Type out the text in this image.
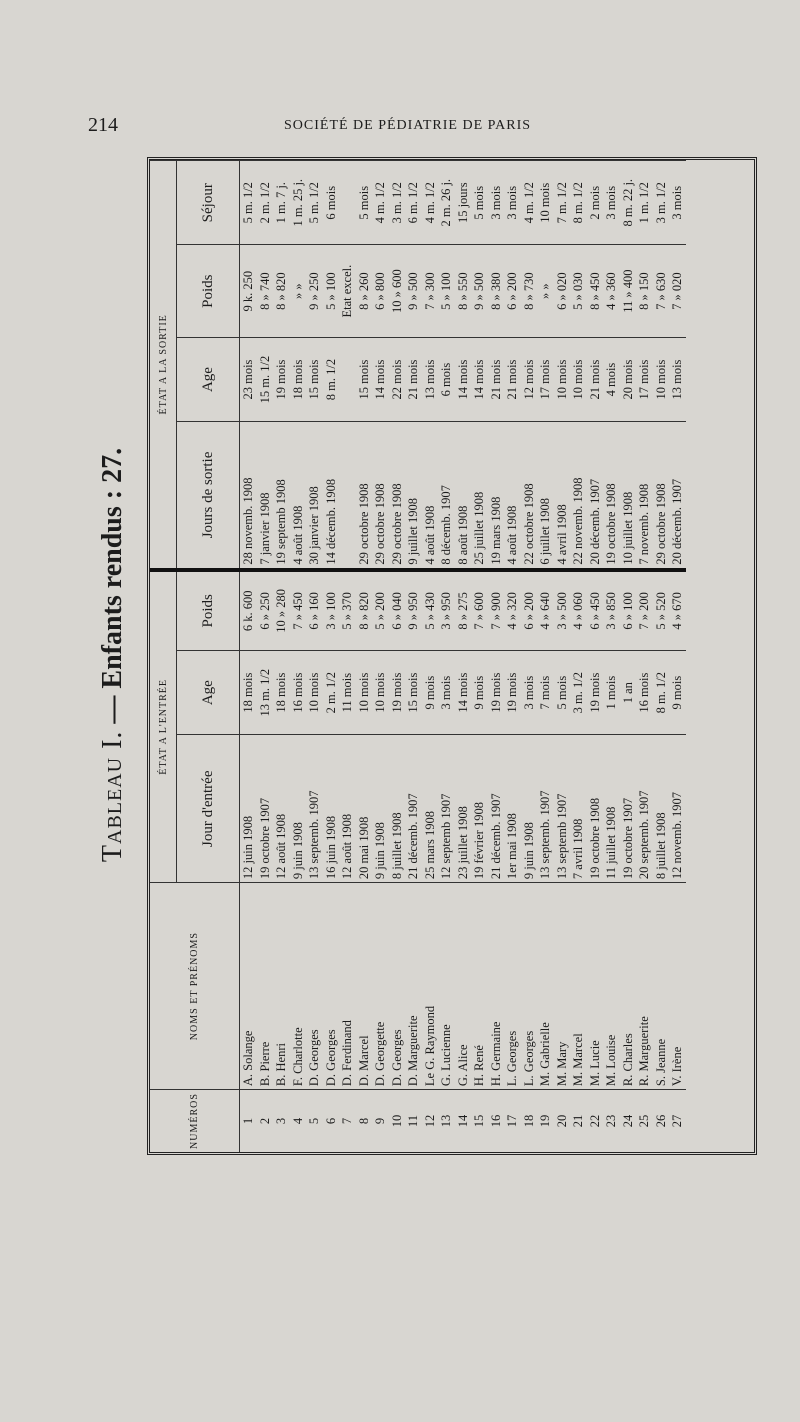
214	SOCIÉTÉ DE PÉDIATRIE DE PARIS
Tableau I. — Enfants rendus : 27.
NUMÉROS	NOMS ET PRÉNOMS	ÉTAT A L'ENTRÉE			ÉTAT A LA SORTIE			
		Jour d'entrée	Age	Poids	Jours de sortie	Age	Poids	Séjour
1	A. Solange	12 juin 1908	18 mois	6 k. 600	28 novemb. 1908	23 mois	9 k. 250	5 m. 1/2
2	B. Pierre	19 octobre 1907	13 m. 1/2	6 » 250	7 janvier 1908	15 m. 1/2	8 » 740	2 m. 1/2
3	B. Henri	12 août 1908	18 mois	10 » 280	19 septemb 1908	19 mois	8 » 820	1 m. 7 j.
4	F. Charlotte	9 juin 1908	16 mois	7 » 450	4 août 1908	18 mois	» »	1 m. 25 j.
5	D. Georges	13 septemb. 1907	10 mois	6 » 160	30 janvier 1908	15 mois	9 » 250	5 m. 1/2
6	D. Georges	16 juin 1908	2 m. 1/2	3 » 100	14 décemb. 1908	8 m. 1/2	5 » 100	6 mois
7	D. Ferdinand	12 août 1908	11 mois	5 » 370			Etat excel.	
8	D. Marcel	20 mai 1908	10 mois	8 » 820	29 octobre 1908	15 mois	8 » 260	5 mois
9	D. Georgette	9 juin 1908	10 mois	5 » 200	29 octobre 1908	14 mois	6 » 800	4 m. 1/2
10	D. Georges	8 juillet 1908	19 mois	6 » 040	29 octobre 1908	22 mois	10 » 600	3 m. 1/2
11	D. Marguerite	21 décemb. 1907	15 mois	9 » 950	9 juillet 1908	21 mois	9 » 500	6 m. 1/2
12	Le G. Raymond	25 mars 1908	9 mois	5 » 430	4 août 1908	13 mois	7 » 300	4 m. 1/2
13	G. Lucienne	12 septemb 1907	3 mois	3 » 950	8 décemb. 1907	6 mois	5 » 100	2 m. 26 j.
14	G. Alice	23 juillet 1908	14 mois	8 » 275	8 août 1908	14 mois	8 » 550	15 jours
15	H. René	19 février 1908	9 mois	7 » 600	25 juillet 1908	14 mois	9 » 500	5 mois
16	H. Germaine	21 décemb. 1907	19 mois	7 » 900	19 mars 1908	21 mois	8 » 380	3 mois
17	L. Georges	1er mai 1908	19 mois	4 » 320	4 août 1908	21 mois	6 » 200	3 mois
18	L. Georges	9 juin 1908	3 mois	6 » 200	22 octobre 1908	12 mois	8 » 730	4 m. 1/2
19	M. Gabrielle	13 septemb. 1907	7 mois	4 » 640	6 juillet 1908	17 mois	» »	10 mois
20	M. Mary	13 septemb 1907	5 mois	3 » 500	4 avril 1908	10 mois	6 » 020	7 m. 1/2
21	M. Marcel	7 avril 1908	3 m. 1/2	4 » 060	22 novemb. 1908	10 mois	5 » 030	8 m. 1/2
22	M. Lucie	19 octobre 1908	19 mois	6 » 450	20 décemb. 1907	21 mois	8 » 450	2 mois
23	M. Louise	11 juillet 1908	1 mois	3 » 850	19 octobre 1908	4 mois	4 » 360	3 mois
24	R. Charles	19 octobre 1907	1 an	6 » 100	10 juillet 1908	20 mois	11 » 400	8 m. 22 j.
25	R. Marguerite	20 septemb. 1907	16 mois	7 » 200	7 novemb. 1908	17 mois	8 » 150	1 m. 1/2
26	S. Jeanne	8 juillet 1908	8 m. 1/2	5 » 520	29 octobre 1908	10 mois	7 » 630	3 m. 1/2
27	V. Irène	12 novemb. 1907	9 mois	4 » 670	20 décemb. 1907	13 mois	7 » 020	3 mois
